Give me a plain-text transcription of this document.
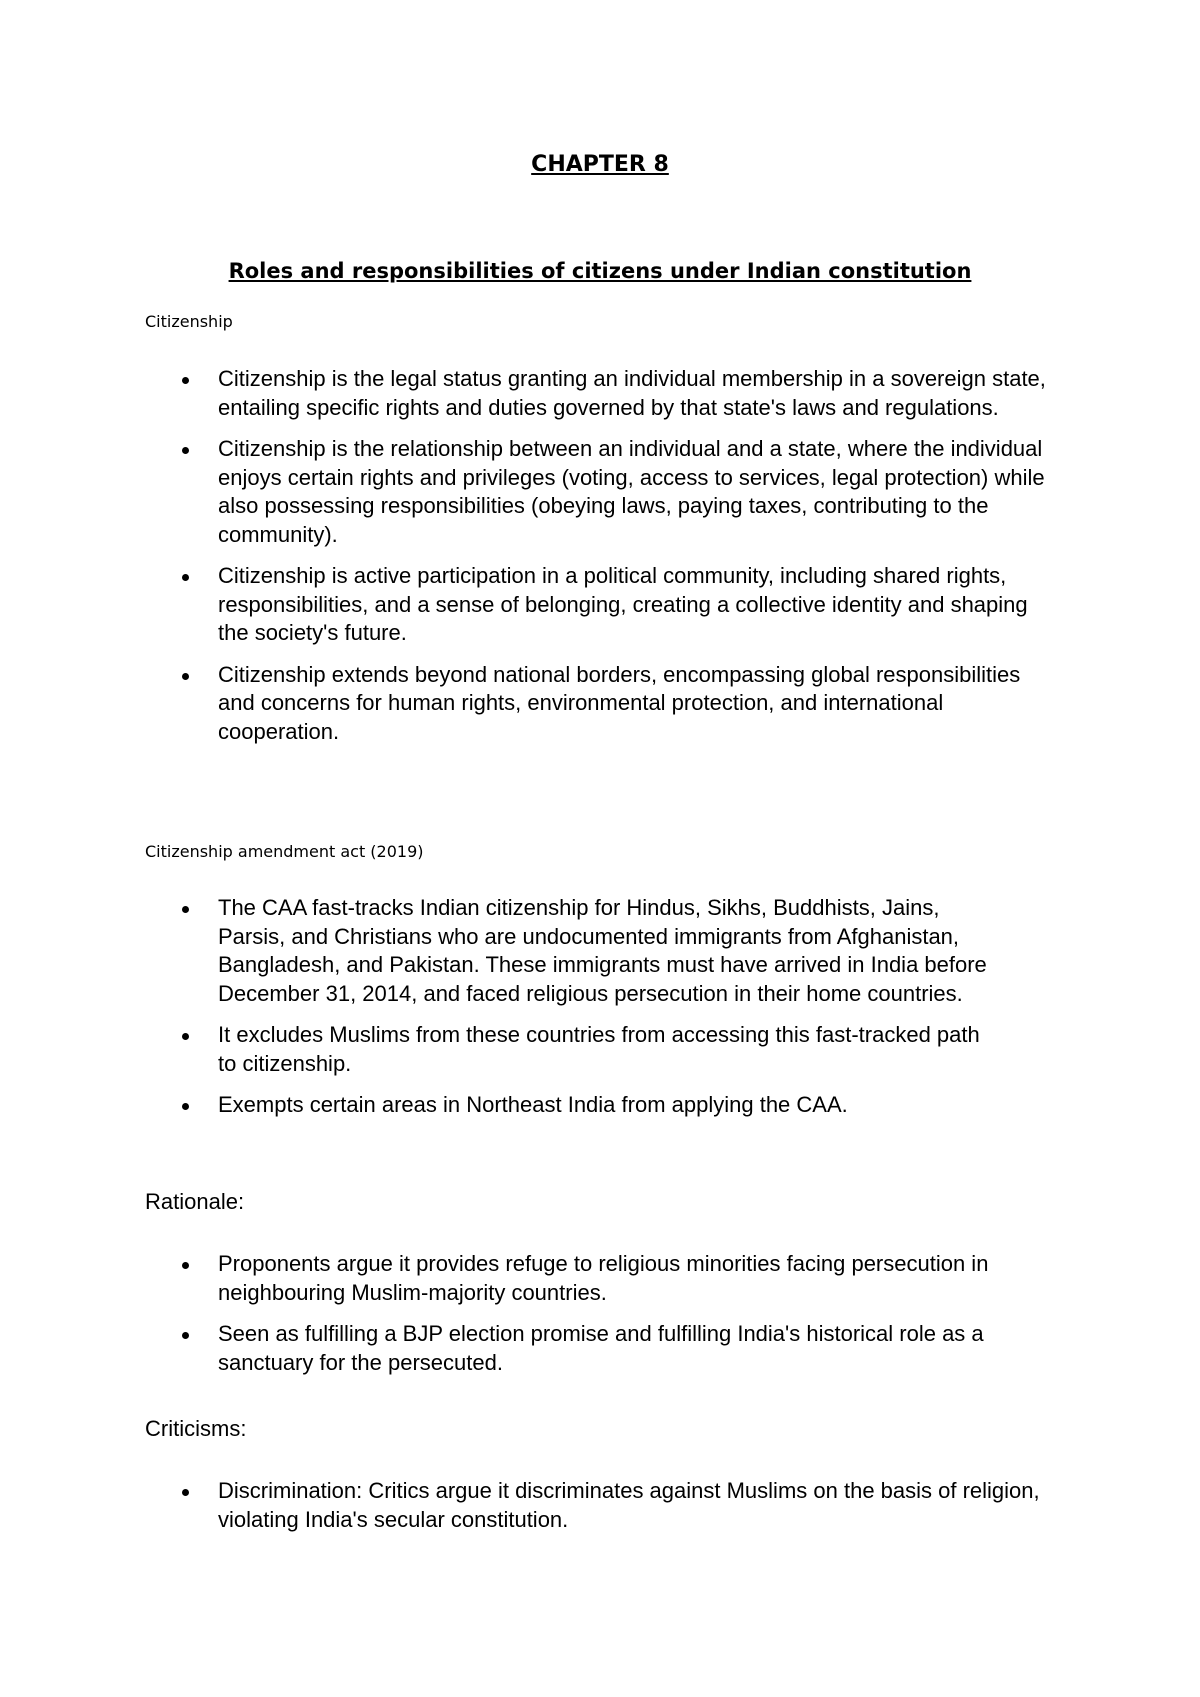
CHAPTER 8
Roles and responsibilities of citizens under Indian constitution

Citizenship

Citizenship is the legal status granting an individual membership in a sovereign state, entailing specific rights and duties governed by that state's laws and regulations.
Citizenship is the relationship between an individual and a state, where the individual enjoys certain rights and privileges (voting, access to services, legal protection) while also possessing responsibilities (obeying laws, paying taxes, contributing to the community).
Citizenship is active participation in a political community, including shared rights, responsibilities, and a sense of belonging, creating a collective identity and shaping the society's future.
Citizenship extends beyond national borders, encompassing global responsibilities and concerns for human rights, environmental protection, and international cooperation.

Citizenship amendment act (2019)

The CAA fast-tracks Indian citizenship for Hindus, Sikhs, Buddhists, Jains, Parsis, and Christians who are undocumented immigrants from Afghanistan, Bangladesh, and Pakistan. These immigrants must have arrived in India before December 31, 2014, and faced religious persecution in their home countries.
It excludes Muslims from these countries from accessing this fast-tracked path to citizenship.
Exempts certain areas in Northeast India from applying the CAA.

Rationale:

Proponents argue it provides refuge to religious minorities facing persecution in neighbouring Muslim-majority countries.
Seen as fulfilling a BJP election promise and fulfilling India's historical role as a sanctuary for the persecuted.

Criticisms:

Discrimination: Critics argue it discriminates against Muslims on the basis of religion, violating India's secular constitution.
